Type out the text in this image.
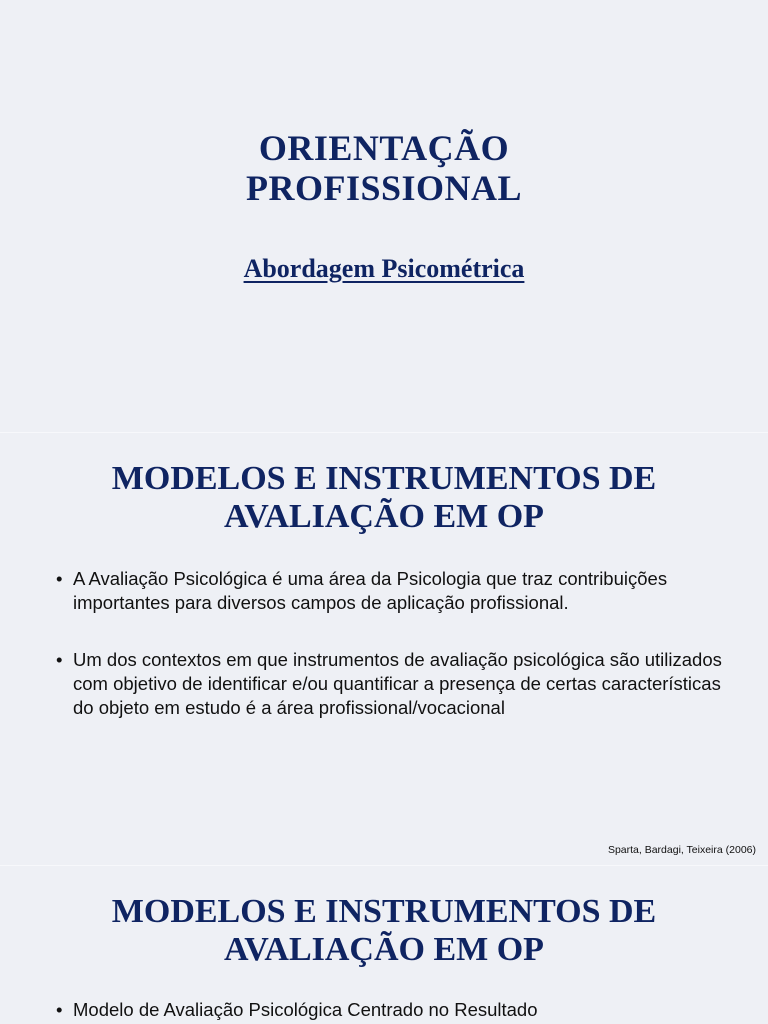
ORIENTAÇÃO
PROFISSIONAL
Abordagem Psicométrica
MODELOS E INSTRUMENTOS DE
AVALIAÇÃO EM OP
• A Avaliação Psicológica é uma área da Psicologia que traz contribuições importantes para diversos campos de aplicação profissional.
• Um dos contextos em que instrumentos de avaliação psicológica são utilizados com objetivo de identificar e/ou quantificar a presença de certas características do objeto em estudo é a área profissional/vocacional
Sparta, Bardagi, Teixeira (2006)
MODELOS E INSTRUMENTOS DE
AVALIAÇÃO EM OP
• Modelo de Avaliação Psicológica Centrado no Resultado
